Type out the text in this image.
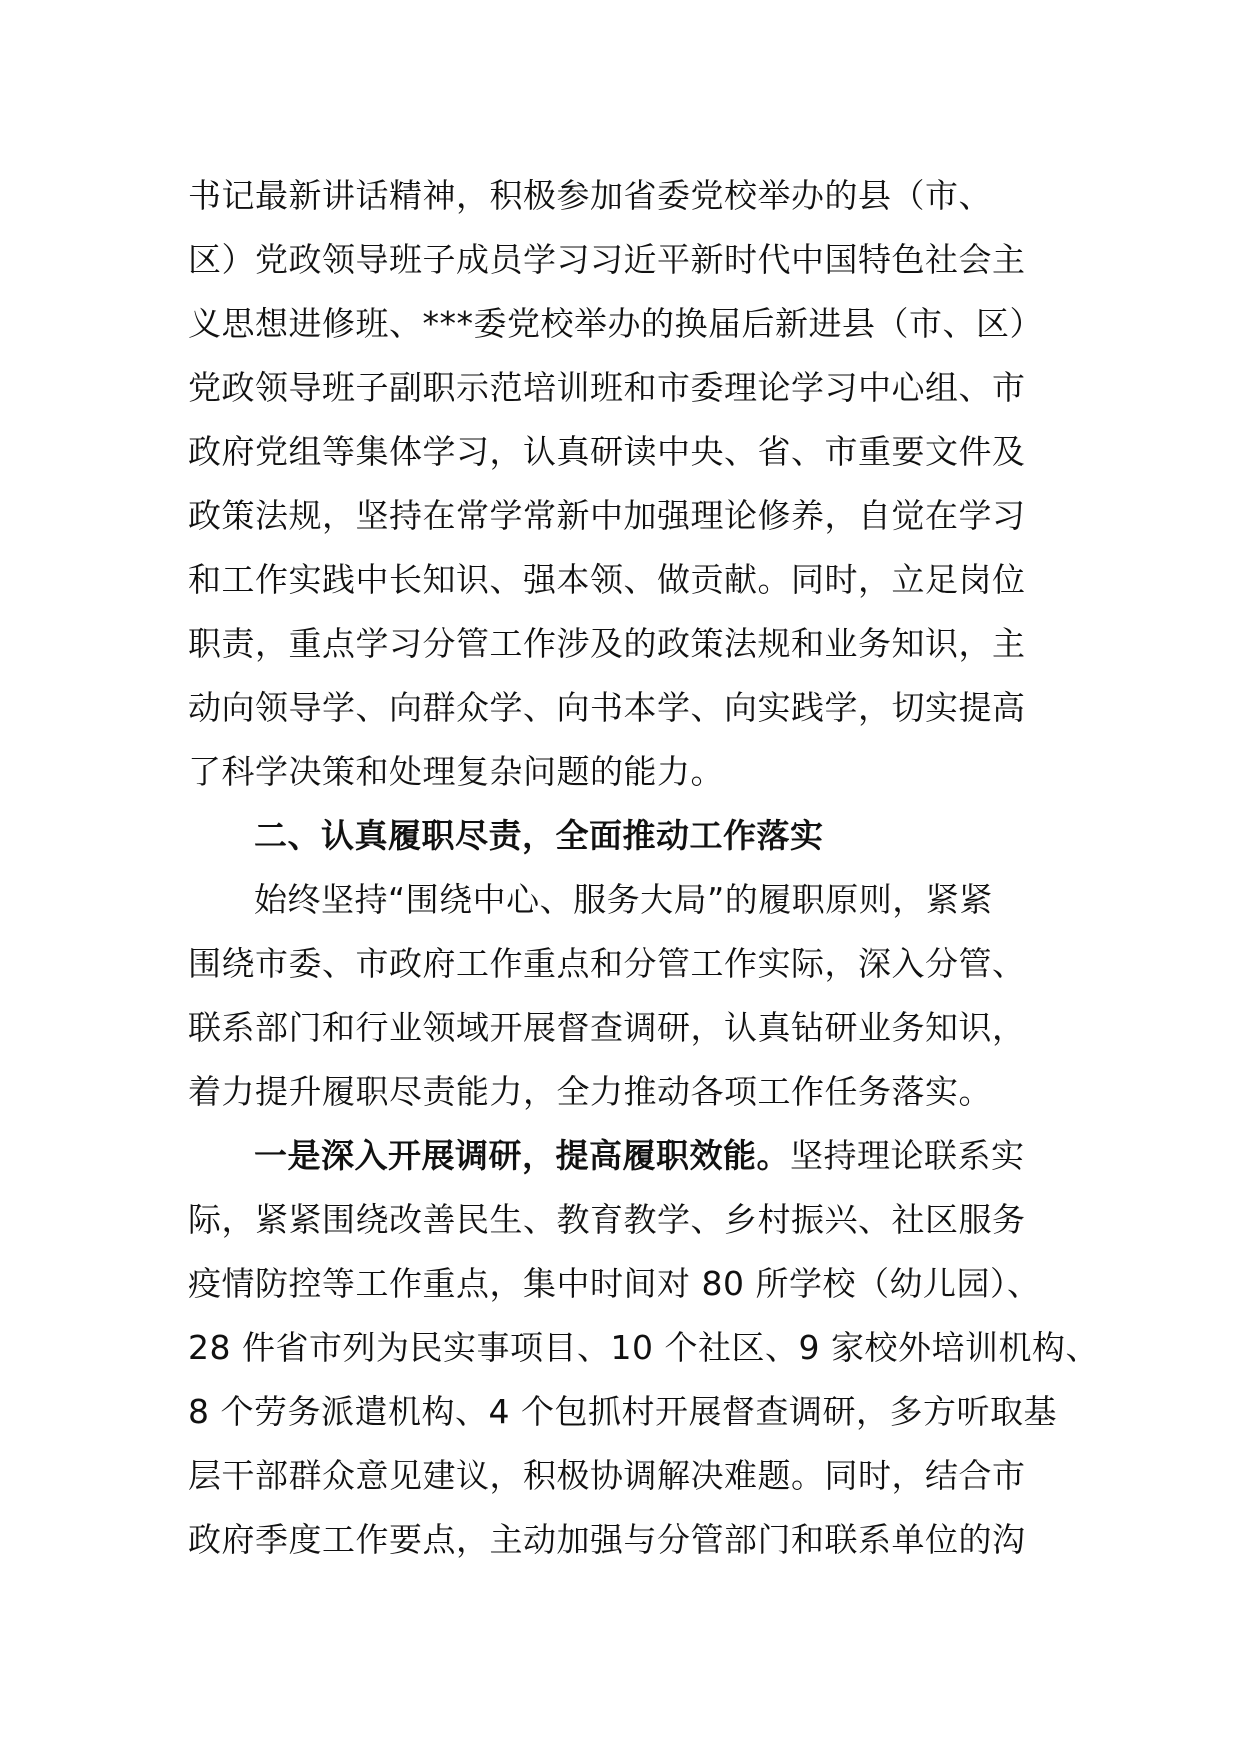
书记最新讲话精神，积极参加省委党校举办的县（市、
区）党政领导班子成员学习习近平新时代中国特色社会主
义思想进修班、***委党校举办的换届后新进县（市、区）
党政领导班子副职示范培训班和市委理论学习中心组、市
政府党组等集体学习，认真研读中央、省、市重要文件及
政策法规，坚持在常学常新中加强理论修养，自觉在学习
和工作实践中长知识、强本领、做贡献。同时，立足岗位
职责，重点学习分管工作涉及的政策法规和业务知识，主
动向领导学、向群众学、向书本学、向实践学，切实提高
了科学决策和处理复杂问题的能力。
二、认真履职尽责，全面推动工作落实
始终坚持“围绕中心、服务大局”的履职原则，紧紧
围绕市委、市政府工作重点和分管工作实际，深入分管、
联系部门和行业领域开展督查调研，认真钻研业务知识，
着力提升履职尽责能力，全力推动各项工作任务落实。
一是深入开展调研，提高履职效能。坚持理论联系实
际，紧紧围绕改善民生、教育教学、乡村振兴、社区服务
疫情防控等工作重点，集中时间对 80 所学校（幼儿园）、
28 件省市列为民实事项目、10 个社区、9 家校外培训机构、
8 个劳务派遣机构、4 个包抓村开展督查调研，多方听取基
层干部群众意见建议，积极协调解决难题。同时，结合市
政府季度工作要点，主动加强与分管部门和联系单位的沟
